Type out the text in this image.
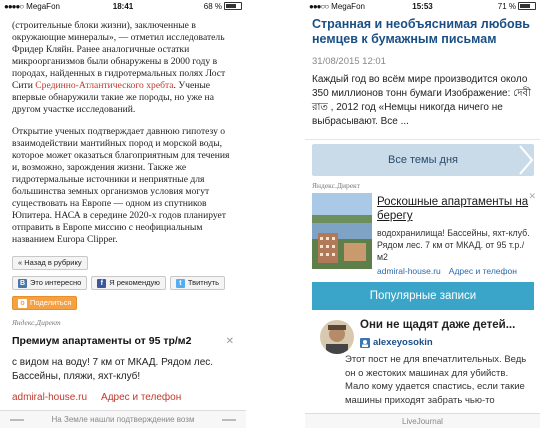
●●●●○ MegaFon	18:41	68 %

(строительные блоки жизни), заключенные в окружающие минералы», — отметил исследователь Фридер Кляйн. Ранее аналогичные остатки микроорганизмов были обнаружены в 2000 году в породах, найденных в гидротермальных полях Лост Сити Срединно-Атлантического хребта. Ученые впервые обнаружили такие же породы, но уже на другом участке исследований.

Открытие ученых подтверждает давнюю гипотезу о взаимодействии мантийных пород и морской воды, которое может оказаться благоприятным для течения и, возможно, зарождения жизни. Также же гидротермальные источники и неприятные для большинства земных организмов условия могут существовать на Европе — одном из спутников Юпитера. НАСА в середине 2020-х годов планирует отправить в Европе миссию с неофициальным названием Europa Clipper.

« Назад в рубрику
В Это интересно	f Я рекомендую	t Твитнуть
о Поделиться
Яндекс.Директ
Премиум апартаменты от 95 тр/м2	✕
с видом на воду! 7 км от МКАД. Рядом лес. Бассейны, пляжи, яхт-клуб!
admiral-house.ru Адрес и телефон
На Земле нашли подтверждение возм
●●●○○ MegaFon	15:53	71 %
Странная и необъяснимая любовь немцев к бумажным письмам
31/08/2015 12:01
Каждый год во всём мире производится около 350 миллионов тонн бумаги Изображение: দেবী রাত , 2012 год «Немцы никогда ничего не выбрасывают. Все ...
Все темы дня
Яндекс.Директ
✕
Роскошные апартаменты на берегу
водохранилища! Бассейны, яхт-клуб. Рядом лес. 7 км от МКАД. от 95 т.р./м2
admiral-house.ru Адрес и телефон
Популярные записи
Они не щадят даже детей...
alexeyosokin
Этот пост не для впечатлительных. Ведь он о жестоких машинах для убийств. Мало кому удается спастись, если такие машины приходят забрать чью-то
LiveJournal
